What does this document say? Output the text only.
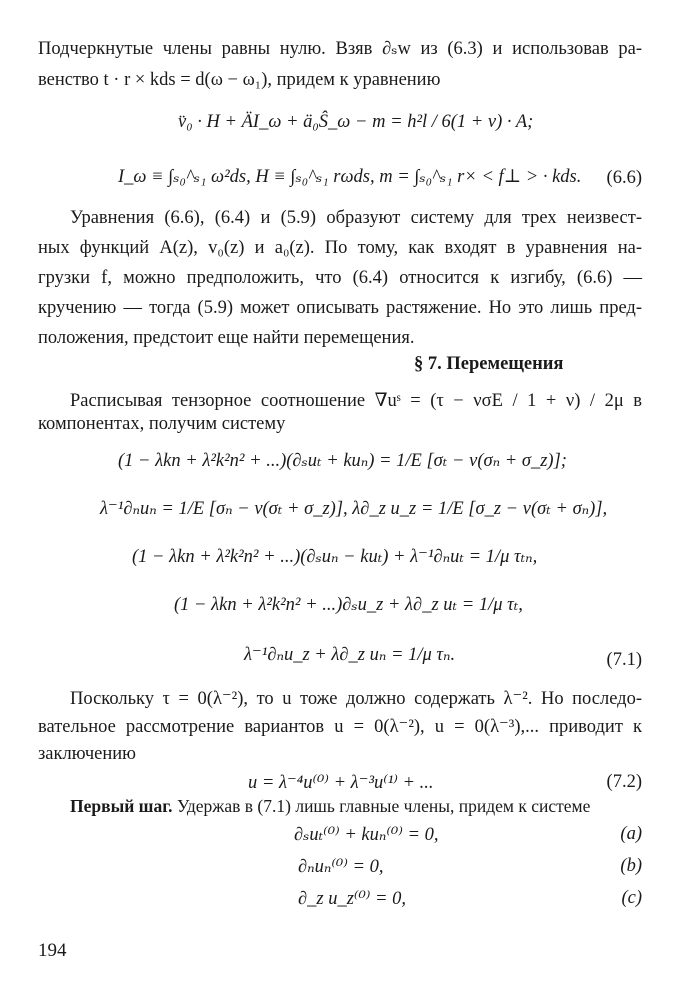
Подчеркнутые члены равны нулю. Взяв ∂ₛw из (6.3) и использовав ра-
венство t · r × kds = d(ω − ω₁), придем к уравнению
v̈₀ · H + ÄI_ω + ä₀Ŝ_ω − m = h²l / 6(1 + ν) · A;
I_ω ≡ ∫ₛ₀^ₛ₁ ω²ds, H ≡ ∫ₛ₀^ₛ₁ rωds, m = ∫ₛ₀^ₛ₁ r× < f⊥ > · kds. (6.6)
Уравнения (6.6), (6.4) и (5.9) образуют систему для трех неизвест-
ных функций A(z), v₀(z) и a₀(z). По тому, как входят в уравнения на-
грузки f, можно предположить, что (6.4) относится к изгибу, (6.6) —
кручению — тогда (5.9) может описывать растяжение. Но это лишь пред-
положения, предстоит еще найти перемещения.
§ 7. Перемещения
Расписывая тензорное соотношение ∇uˢ = (τ − νσE / 1 + ν) / 2μ в
компонентах, получим систему
(1 − λkn + λ²k²n² + ...)(∂ₛuₜ + kuₙ) = 1/E [σₜ − ν(σₙ + σ_z)];
λ⁻¹∂ₙuₙ = 1/E [σₙ − ν(σₜ + σ_z)], λ∂_z u_z = 1/E [σ_z − ν(σₜ + σₙ)],
(1 − λkn + λ²k²n² + ...)(∂ₛuₙ − kuₜ) + λ⁻¹∂ₙuₜ = 1/μ τₜₙ,
(1 − λkn + λ²k²n² + ...)∂ₛu_z + λ∂_z uₜ = 1/μ τₜ,
λ⁻¹∂ₙu_z + λ∂_z uₙ = 1/μ τₙ.	(7.1)
Поскольку τ = 0(λ⁻²), то u тоже должно содержать λ⁻². Но последо-
вательное рассмотрение вариантов u = 0(λ⁻²), u = 0(λ⁻³),... приводит к
заключению
u = λ⁻⁴u⁽⁰⁾ + λ⁻³u⁽¹⁾ + ...	(7.2)
Первый шаг. Удержав в (7.1) лишь главные члены, придем к системе
∂ₛuₜ⁽⁰⁾ + kuₙ⁽⁰⁾ = 0,	(a)
∂ₙuₙ⁽⁰⁾ = 0,	(b)
∂_z u_z⁽⁰⁾ = 0,	(c)
194
